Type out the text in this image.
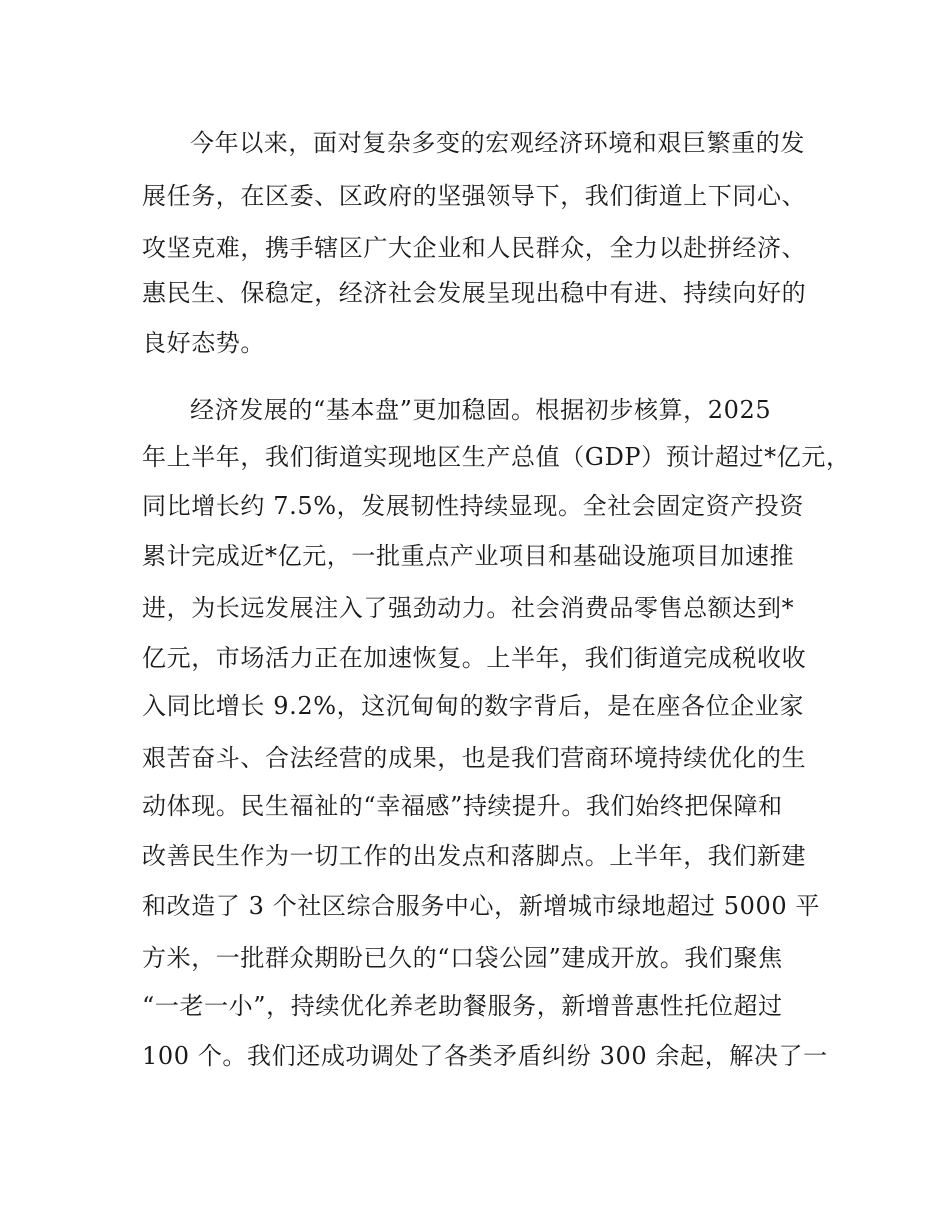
今年以来，面对复杂多变的宏观经济环境和艰巨繁重的发
展任务，在区委、区政府的坚强领导下，我们街道上下同心、
攻坚克难，携手辖区广大企业和人民群众，全力以赴拼经济、
惠民生、保稳定，经济社会发展呈现出稳中有进、持续向好的
良好态势。
经济发展的“基本盘”更加稳固。根据初步核算，2025
年上半年，我们街道实现地区生产总值（GDP）预计超过*亿元，
同比增长约 7.5%，发展韧性持续显现。全社会固定资产投资
累计完成近*亿元，一批重点产业项目和基础设施项目加速推
进，为长远发展注入了强劲动力。社会消费品零售总额达到*
亿元，市场活力正在加速恢复。上半年，我们街道完成税收收
入同比增长 9.2%，这沉甸甸的数字背后，是在座各位企业家
艰苦奋斗、合法经营的成果，也是我们营商环境持续优化的生
动体现。民生福祉的“幸福感”持续提升。我们始终把保障和
改善民生作为一切工作的出发点和落脚点。上半年，我们新建
和改造了 3 个社区综合服务中心，新增城市绿地超过 5000 平
方米，一批群众期盼已久的“口袋公园”建成开放。我们聚焦
“一老一小”，持续优化养老助餐服务，新增普惠性托位超过
100 个。我们还成功调处了各类矛盾纠纷 300 余起，解决了一
